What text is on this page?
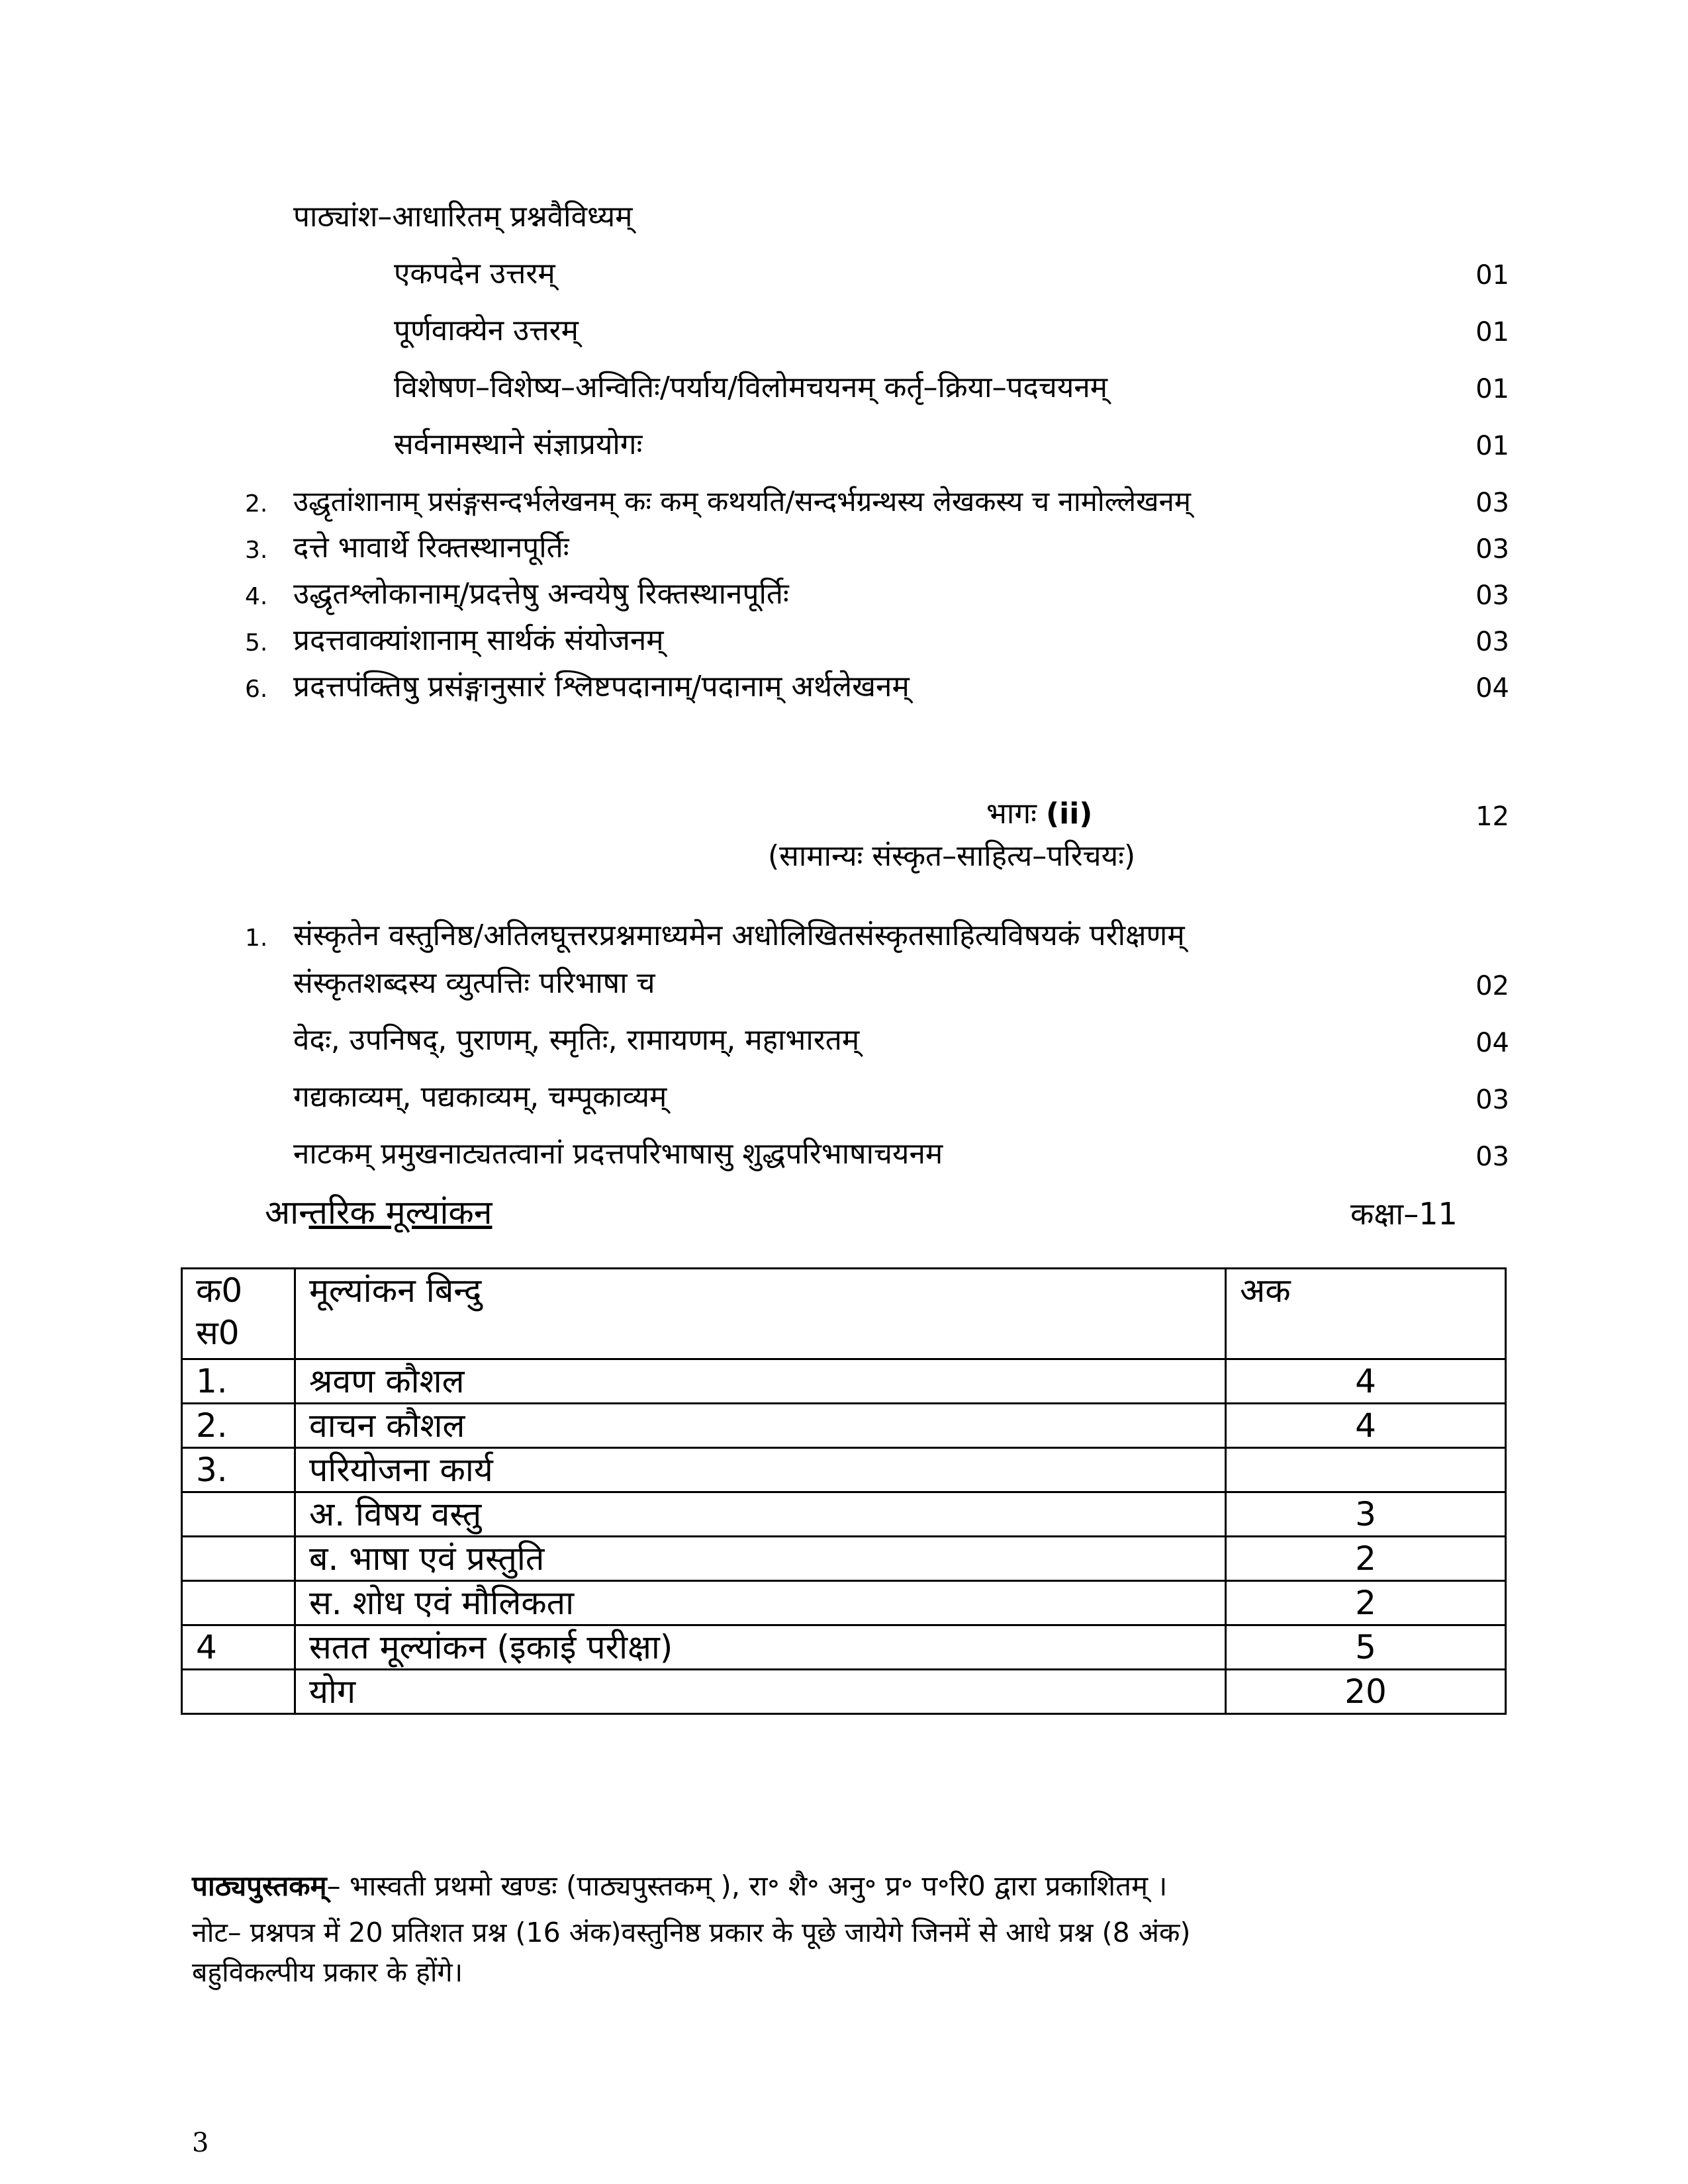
पाठ्यांश–आधारितम् प्रश्नवैविध्यम्
एकपदेन उत्तरम्	01
पूर्णवाक्येन उत्तरम्	01
विशेषण–विशेष्य–अन्वितिः/पर्याय/विलोमचयनम् कर्तृ–क्रिया–पदचयनम्	01
सर्वनामस्थाने संज्ञाप्रयोगः	01
2. उद्धृतांशानाम् प्रसंङ्गसन्दर्भलेखनम् कः कम् कथयति/सन्दर्भग्रन्थस्य लेखकस्य च नामोल्लेखनम्	03
3. दत्ते भावार्थे रिक्तस्थानपूर्तिः	03
4. उद्धृतश्लोकानाम्/प्रदत्तेषु अन्वयेषु रिक्तस्थानपूर्तिः	03
5. प्रदत्तवाक्यांशानाम् सार्थकं संयोजनम्	03
6. प्रदत्तपंक्तिषु प्रसंङ्गानुसारं श्लिष्टपदानाम्/पदानाम् अर्थलेखनम्	04
भागः (ii)	12
(सामान्यः संस्कृत–साहित्य–परिचयः)
1. संस्कृतेन वस्तुनिष्ठ/अतिलघूत्तरप्रश्नमाध्यमेन अधोलिखितसंस्कृतसाहित्यविषयकं परीक्षणम्
संस्कृतशब्दस्य व्युत्पत्तिः परिभाषा च	02
वेदः, उपनिषद्, पुराणम्, स्मृतिः, रामायणम्, महाभारतम्	04
गद्यकाव्यम्, पद्यकाव्यम्, चम्पूकाव्यम्	03
नाटकम् प्रमुखनाट्यतत्वानां प्रदत्तपरिभाषासु शुद्धपरिभाषाचयनम	03
आन्तरिक मूल्यांकन	कक्षा–11
क0 स0	मूल्यांकन बिन्दु	अक
1.	श्रवण कौशल	4
2.	वाचन कौशल	4
3.	परियोजना कार्य	
	अ. विषय वस्तु	3
	ब. भाषा एवं प्रस्तुति	2
	स. शोध एवं मौलिकता	2
4	सतत मूल्यांकन (इकाई परीक्षा)	5
	योग	20
पाठ्यपुस्तकम्– भास्वती प्रथमो खण्डः (पाठ्यपुस्तकम् ), रा॰ शै॰ अनु॰ प्र॰ प॰रि0 द्वारा प्रकाशितम् ।
नोट– प्रश्नपत्र में 20 प्रतिशत प्रश्न (16 अंक)वस्तुनिष्ठ प्रकार के पूछे जायेगे जिनमें से आधे प्रश्न (8 अंक)
बहुविकल्पीय प्रकार के होंगे।
3
